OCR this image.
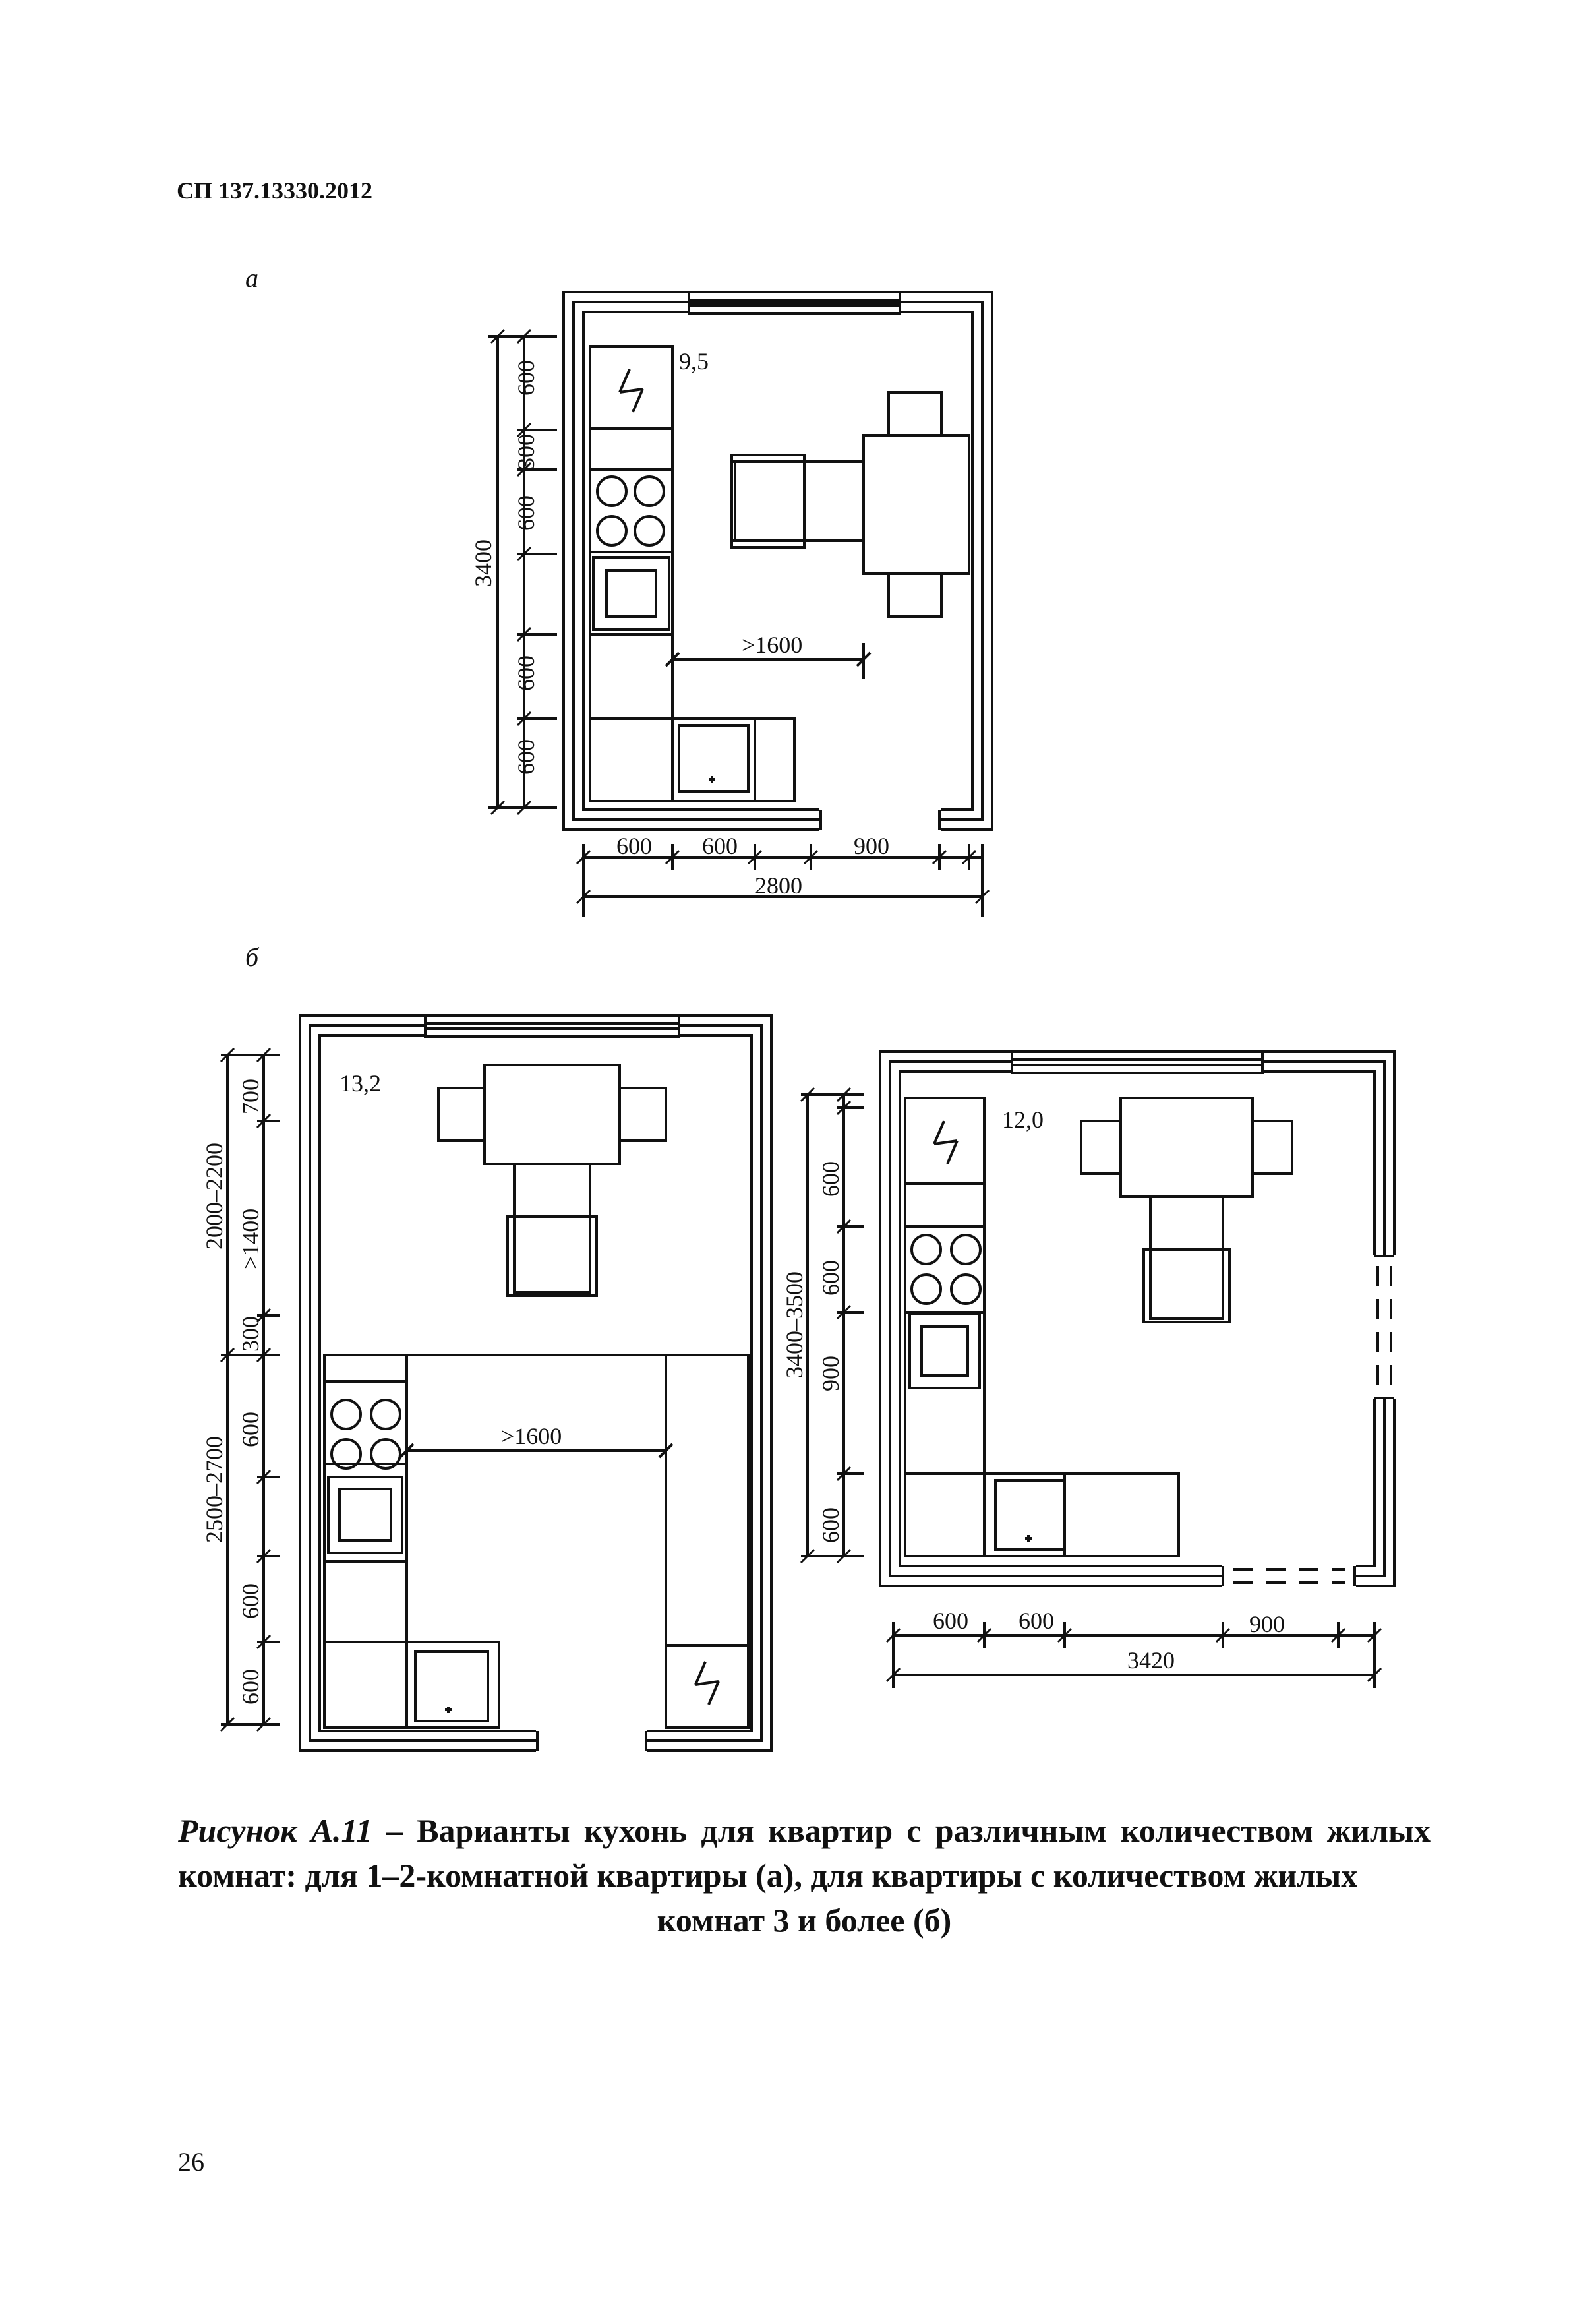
СП 137.13330.2012
а
б
9,5
600
300
600
600
600
3400
>1600
600 600	900
2800
13,2
700
>1400
300
2000–2200
600
600
600
2500–2700	>1600
12,0
600
600
900
600
3400–3500
600 600	900
3420
Рисунок А.11 – Варианты кухонь для квартир с различным количеством жилых комнат: для 1–2-комнатной квартиры (а), для квартиры с количеством жилых
комнат 3 и более (б)
26
